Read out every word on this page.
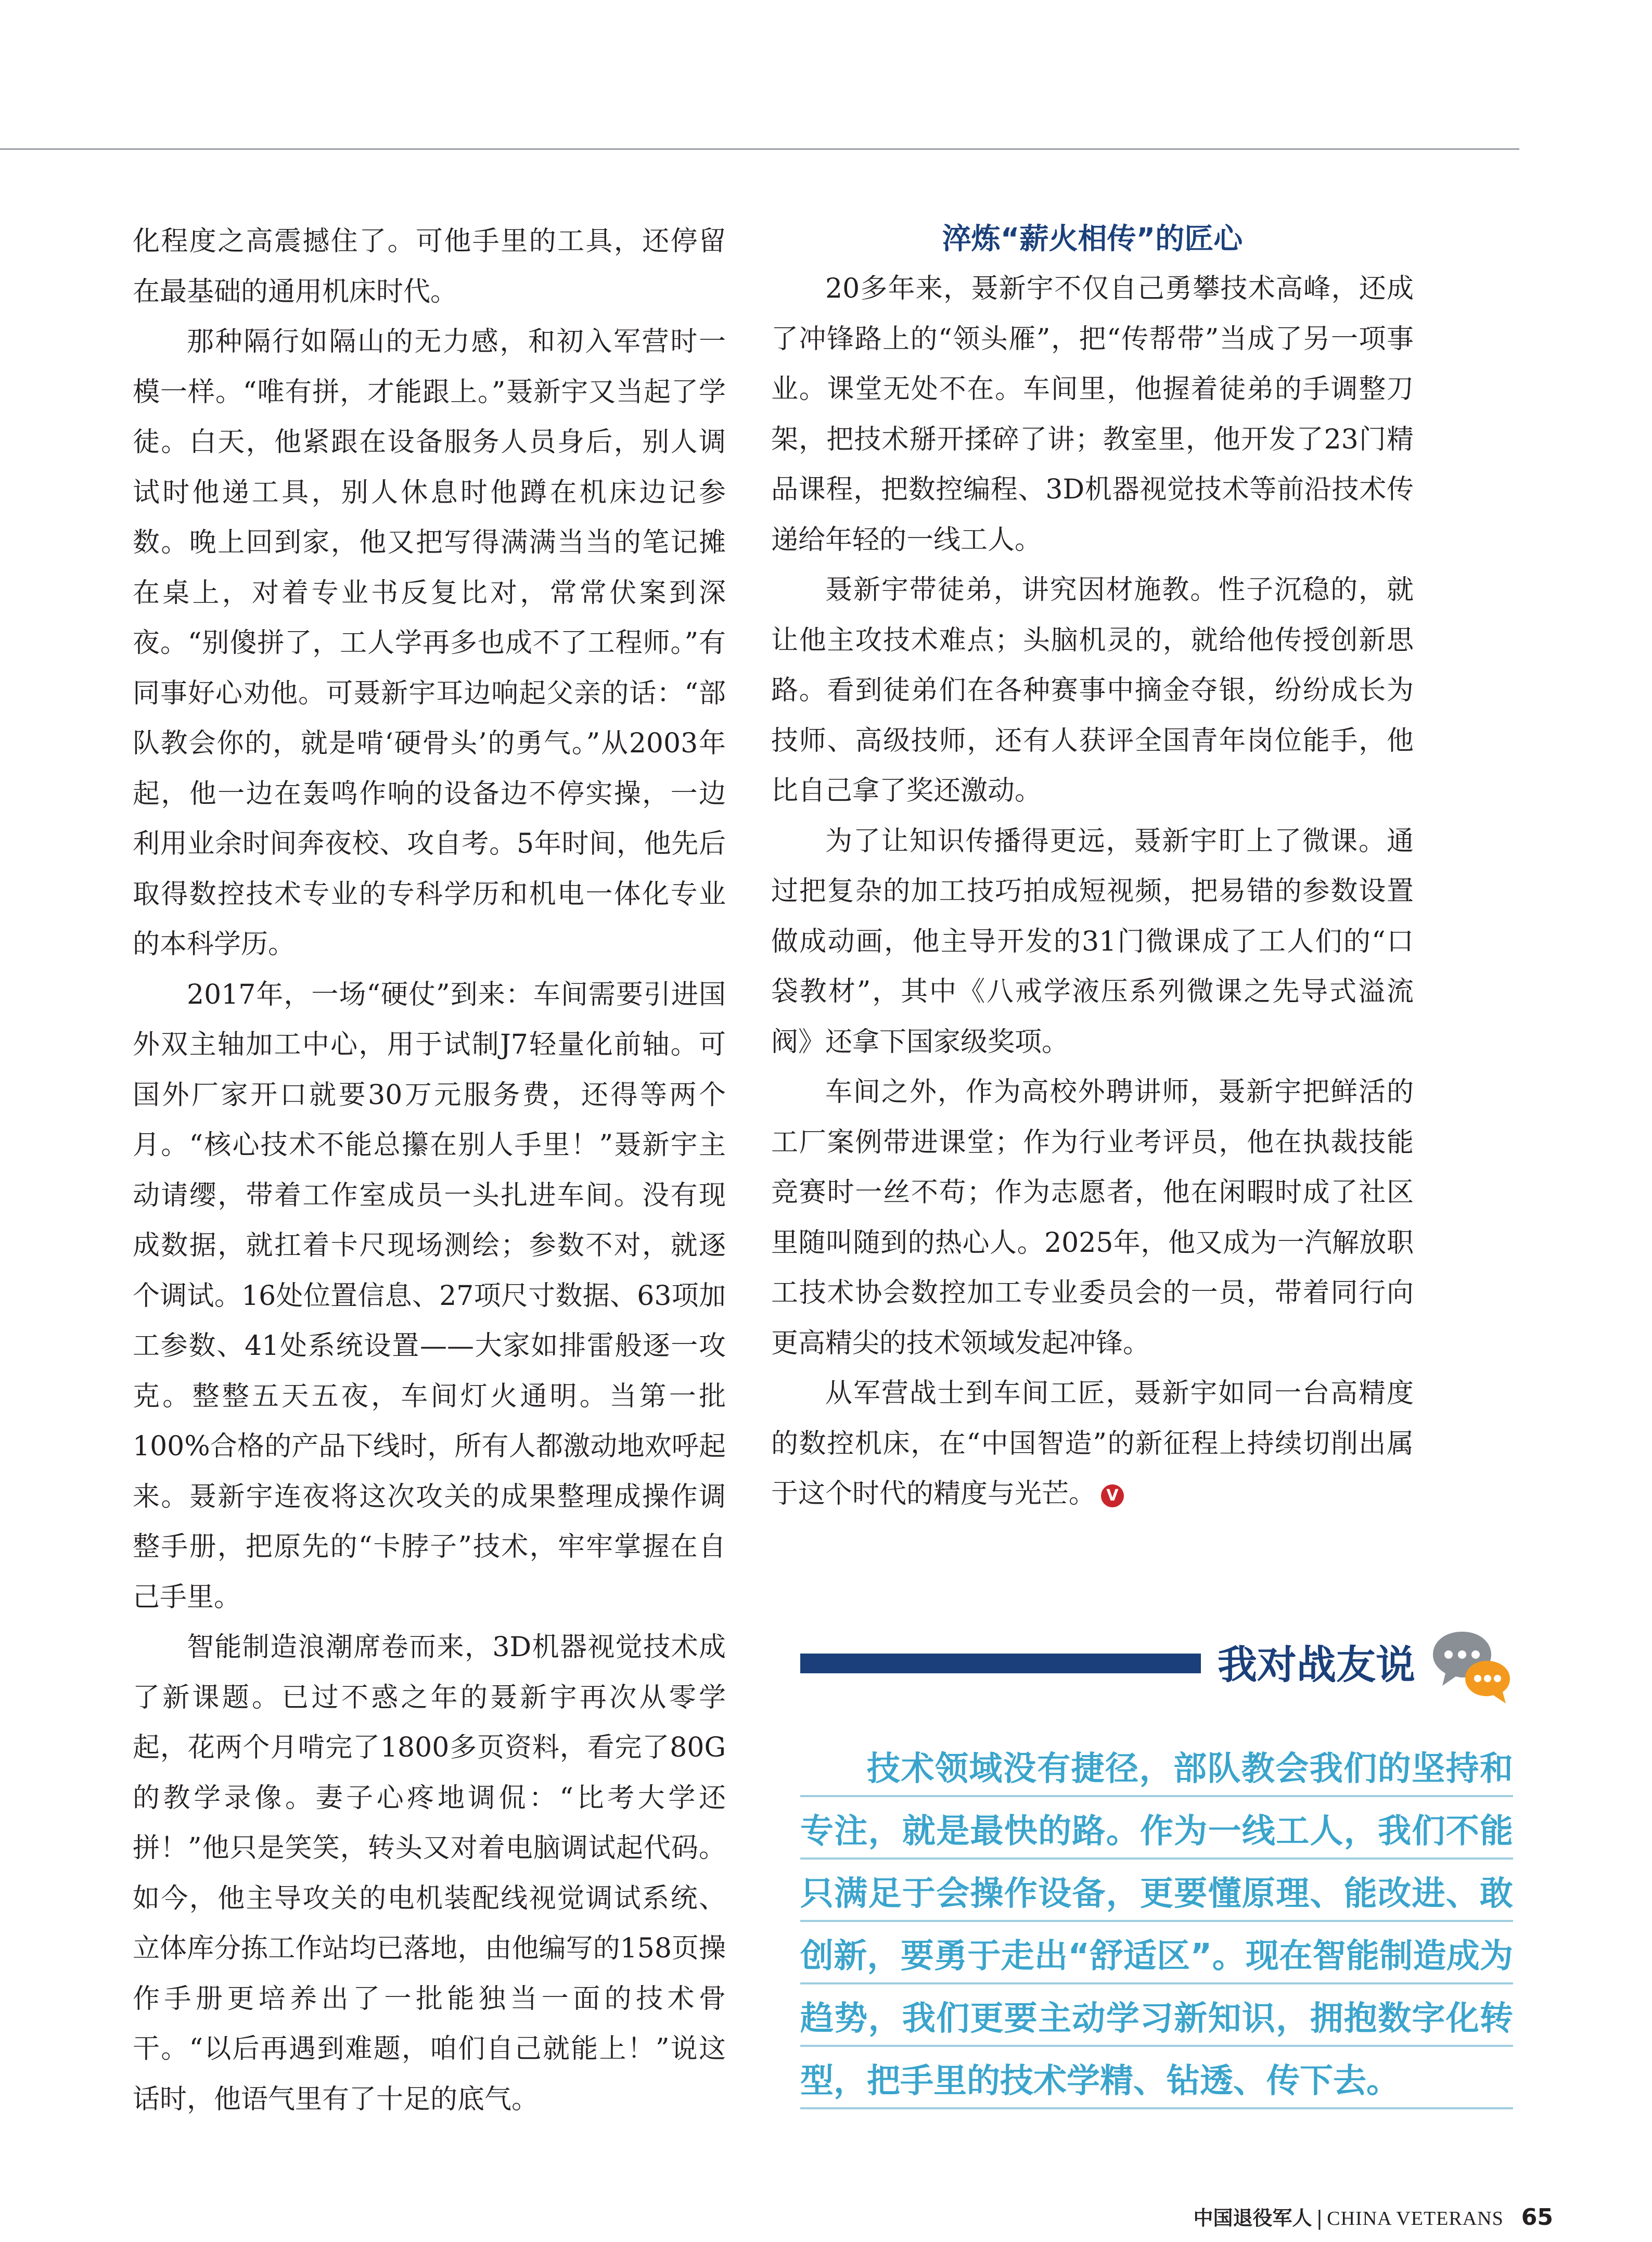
化程度之高震撼住了。可他手里的工具，还停留在最基础的通用机床时代。

那种隔行如隔山的无力感，和初入军营时一模一样。“唯有拼，才能跟上。”聂新宇又当起了学徒。白天，他紧跟在设备服务人员身后，别人调试时他递工具，别人休息时他蹲在机床边记参数。晚上回到家，他又把写得满满当当的笔记摊在桌上，对着专业书反复比对，常常伏案到深夜。“别傻拼了，工人学再多也成不了工程师。”有同事好心劝他。可聂新宇耳边响起父亲的话：“部队教会你的，就是啃‘硬骨头’的勇气。”从2003年起，他一边在轰鸣作响的设备边不停实操，一边利用业余时间奔夜校、攻自考。5年时间，他先后取得数控技术专业的专科学历和机电一体化专业的本科学历。

2017年，一场“硬仗”到来：车间需要引进国外双主轴加工中心，用于试制J7轻量化前轴。可国外厂家开口就要30万元服务费，还得等两个月。“核心技术不能总攥在别人手里！”聂新宇主动请缨，带着工作室成员一头扎进车间。没有现成数据，就扛着卡尺现场测绘；参数不对，就逐个调试。16处位置信息、27项尺寸数据、63项加工参数、41处系统设置——大家如排雷般逐一攻克。整整五天五夜，车间灯火通明。当第一批100%合格的产品下线时，所有人都激动地欢呼起来。聂新宇连夜将这次攻关的成果整理成操作调整手册，把原先的“卡脖子”技术，牢牢掌握在自己手里。

智能制造浪潮席卷而来，3D机器视觉技术成了新课题。已过不惑之年的聂新宇再次从零学起，花两个月啃完了1800多页资料，看完了80G的教学录像。妻子心疼地调侃：“比考大学还拼！”他只是笑笑，转头又对着电脑调试起代码。如今，他主导攻关的电机装配线视觉调试系统、立体库分拣工作站均已落地，由他编写的158页操作手册更培养出了一批能独当一面的技术骨干。“以后再遇到难题，咱们自己就能上！”说这话时，他语气里有了十足的底气。

淬炼“薪火相传”的匠心

20多年来，聂新宇不仅自己勇攀技术高峰，还成了冲锋路上的“领头雁”，把“传帮带”当成了另一项事业。课堂无处不在。车间里，他握着徒弟的手调整刀架，把技术掰开揉碎了讲；教室里，他开发了23门精品课程，把数控编程、3D机器视觉技术等前沿技术传递给年轻的一线工人。

聂新宇带徒弟，讲究因材施教。性子沉稳的，就让他主攻技术难点；头脑机灵的，就给他传授创新思路。看到徒弟们在各种赛事中摘金夺银，纷纷成长为技师、高级技师，还有人获评全国青年岗位能手，他比自己拿了奖还激动。

为了让知识传播得更远，聂新宇盯上了微课。通过把复杂的加工技巧拍成短视频，把易错的参数设置做成动画，他主导开发的31门微课成了工人们的“口袋教材”，其中《八戒学液压系列微课之先导式溢流阀》还拿下国家级奖项。

车间之外，作为高校外聘讲师，聂新宇把鲜活的工厂案例带进课堂；作为行业考评员，他在执裁技能竞赛时一丝不苟；作为志愿者，他在闲暇时成了社区里随叫随到的热心人。2025年，他又成为一汽解放职工技术协会数控加工专业委员会的一员，带着同行向更高精尖的技术领域发起冲锋。

从军营战士到车间工匠，聂新宇如同一台高精度的数控机床，在“中国智造”的新征程上持续切削出属于这个时代的精度与光芒。 V

我对战友说
技术领域没有捷径，部队教会我们的坚持和专注，就是最快的路。作为一线工人，我们不能只满足于会操作设备，更要懂原理、能改进、敢创新，要勇于走出“舒适区”。现在智能制造成为趋势，我们更要主动学习新知识，拥抱数字化转型，把手里的技术学精、钻透、传下去。
中国退役军人 | CHINA VETERANS 65
